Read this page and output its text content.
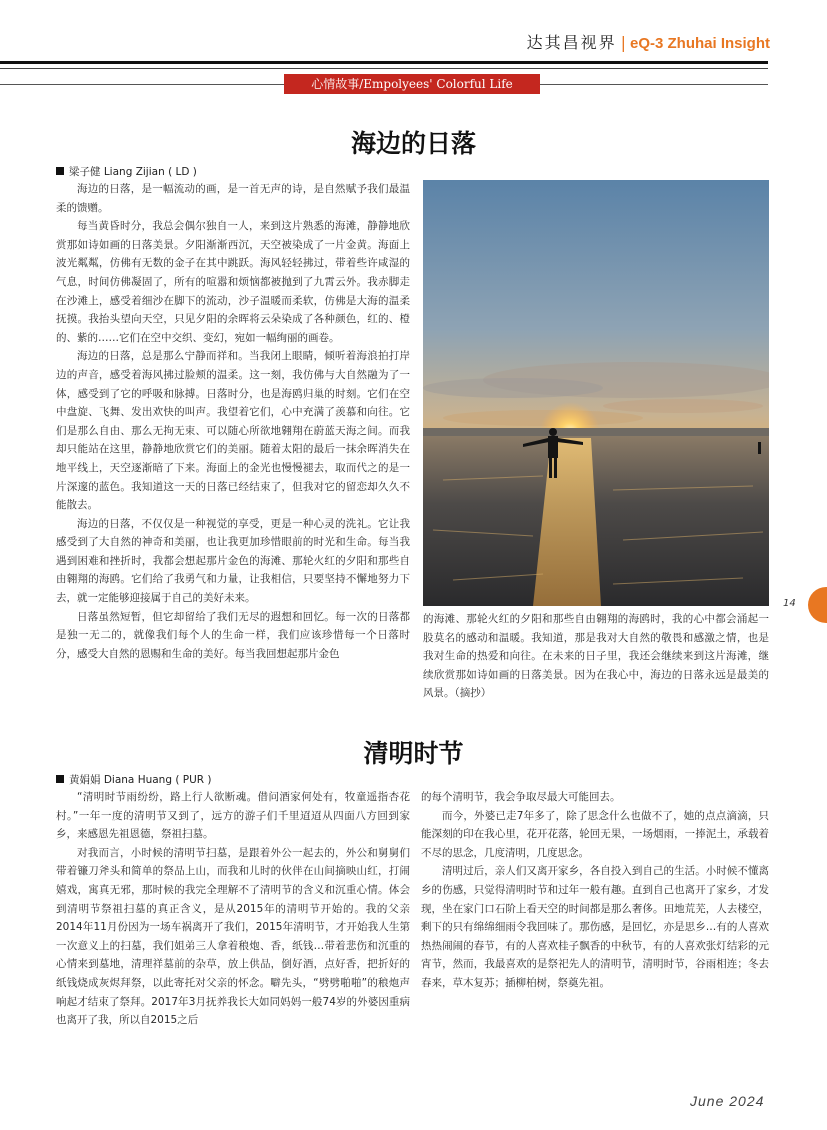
达其昌视界 | eQ-3 Zhuhai Insight
心情故事/Empolyees' Colorful Life
海边的日落
梁子健 Liang Zijian ( LD )

海边的日落，是一幅流动的画，是一首无声的诗，是自然赋予我们最温柔的馈赠。

每当黄昏时分，我总会偶尔独自一人，来到这片熟悉的海滩，静静地欣赏那如诗如画的日落美景。夕阳渐渐西沉，天空被染成了一片金黄。海面上波光粼粼，仿佛有无数的金子在其中跳跃。海风轻轻拂过，带着些许咸湿的气息，时间仿佛凝固了，所有的喧嚣和烦恼都被抛到了九霄云外。我赤脚走在沙滩上，感受着细沙在脚下的流动，沙子温暖而柔软，仿佛是大海的温柔抚摸。我抬头望向天空，只见夕阳的余晖将云朵染成了各种颜色，红的、橙的、紫的……它们在空中交织、变幻，宛如一幅绚丽的画卷。

海边的日落，总是那么宁静而祥和。当我闭上眼睛，倾听着海浪拍打岸边的声音，感受着海风拂过脸颊的温柔。这一刻，我仿佛与大自然融为了一体，感受到了它的呼吸和脉搏。日落时分，也是海鸥归巢的时刻。它们在空中盘旋、飞舞、发出欢快的叫声。我望着它们，心中充满了羡慕和向往。它们是那么自由、那么无拘无束、可以随心所欲地翱翔在蔚蓝天海之间。而我却只能站在这里，静静地欣赏它们的美丽。随着太阳的最后一抹余晖消失在地平线上，天空逐渐暗了下来。海面上的金光也慢慢褪去，取而代之的是一片深邃的蓝色。我知道这一天的日落已经结束了，但我对它的留恋却久久不能散去。

海边的日落，不仅仅是一种视觉的享受，更是一种心灵的洗礼。它让我感受到了大自然的神奇和美丽，也让我更加珍惜眼前的时光和生命。每当我遇到困难和挫折时，我都会想起那片金色的海滩、那轮火红的夕阳和那些自由翱翔的海鸥。它们给了我勇气和力量，让我相信，只要坚持不懈地努力下去，就一定能够迎接属于自己的美好未来。

日落虽然短暂，但它却留给了我们无尽的遐想和回忆。每一次的日落都是独一无二的，就像我们每个人的生命一样，我们应该珍惜每一个日落时分，感受大自然的恩赐和生命的美好。每当我回想起那片金色

的海滩、那轮火红的夕阳和那些自由翱翔的海鸥时，我的心中都会涌起一股莫名的感动和温暖。我知道，那是我对大自然的敬畏和感激之情，也是我对生命的热爱和向往。在未来的日子里，我还会继续来到这片海滩，继续欣赏那如诗如画的日落美景。因为在我心中，海边的日落永远是最美的风景。（摘抄）
14
清明时节
黄娟娟 Diana Huang ( PUR )

“清明时节雨纷纷，路上行人欲断魂。借问酒家何处有，牧童遥指杏花村。”一年一度的清明节又到了，远方的游子们千里迢迢从四面八方回到家乡，来感恩先祖恩德，祭祖扫墓。

对我而言，小时候的清明节扫墓，是跟着外公一起去的，外公和舅舅们带着镰刀斧头和简单的祭品上山，而我和儿时的伙伴在山间摘映山红，打闹嬉戏，寓真无邪，那时候的我完全理解不了清明节的含义和沉重心情。体会到清明节祭祖扫墓的真正含义，是从2015年的清明节开始的。我的父亲2014年11月份因为一场车祸离开了我们，2015年清明节，才开始我人生第一次意义上的扫墓，我们姐弟三人拿着稂炮、香，纸钱…带着悲伤和沉重的心情来到墓地，清理祥墓前的杂草，放上供品，倒好酒，点好香，把折好的纸钱烧成灰烬拜祭，以此寄托对父亲的怀念。噼先头，“劈劈啪啪”的稂炮声响起才结束了祭拜。2017年3月抚养我长大如同妈妈一般74岁的外婆因重病也离开了我，所以自2015之后

的每个清明节，我会争取尽最大可能回去。

而今，外婆已走7年多了，除了思念什么也做不了，她的点点滴滴，只能深刻的印在我心里，花开花落，轮回无果，一场烟雨，一捧泥土，承载着不尽的思念，几度清明，几度思念。

清明过后，亲人们又离开家乡，各自投入到自己的生活。小时候不懂离乡的伤感，只觉得清明时节和过年一般有趣。直到自己也离开了家乡，才发现，坐在家门口石阶上看天空的时间都是那么奢侈。田地荒芜，人去楼空，剩下的只有绵绵细雨令我回味了。那伤感，是回忆，亦是思乡…有的人喜欢热热闹闹的春节，有的人喜欢桂子飘香的中秋节，有的人喜欢张灯结彩的元宵节，然而，我最喜欢的是祭祀先人的清明节，清明时节，谷雨相连；冬去春来，草木复苏；插柳柏树，祭奠先祖。

June 2024
